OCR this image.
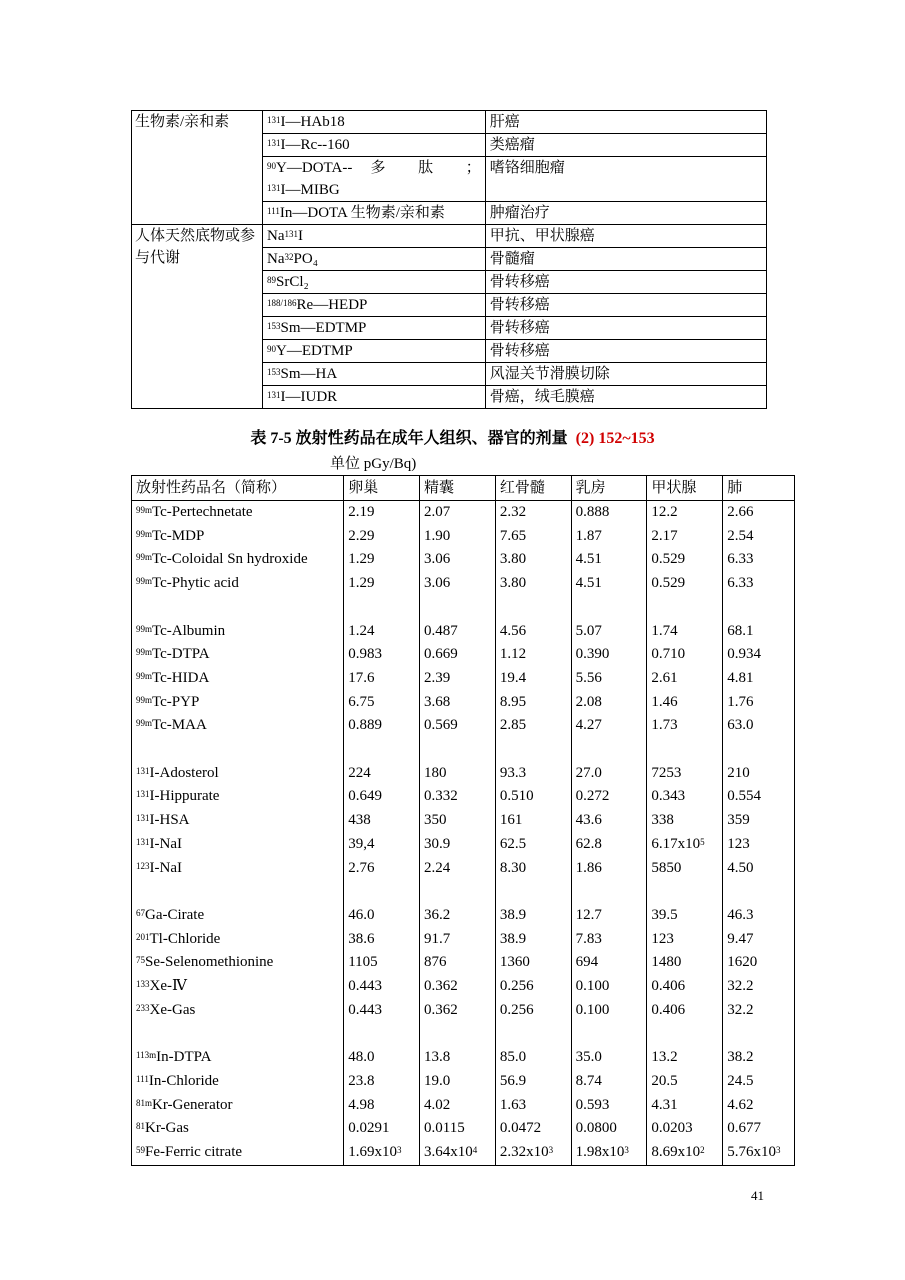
生物素/亲和素	$^{131}$I—HAb18	肝癌

	$^{131}$I—Rc--160	类癌瘤

	$^{90}$Y—DOTA-- 多 肽 ；
$^{131}$I—MIBG	嗜铬细胞瘤

	$^{111}$In—DOTA 生物素/亲和素	肿瘤治疗
人体天然底物或参与代谢	Na$^{131}$I	甲抗、甲状腺癌

	Na$^{32}$PO₄	骨髓瘤

	$^{89}$SrCl₂	骨转移癌

	$^{188/186}$Re—HEDP	骨转移癌

	$^{153}$Sm—EDTMP	骨转移癌

	$^{90}$Y—EDTMP	骨转移癌

	$^{153}$Sm—HA	风湿关节滑膜切除

	$^{131}$I—IUDR	骨癌，绒毛膜癌
表 7-5 放射性药品在成年人组织、器官的剂量 (2) 152~153
单位 pGy/Bq)
放射性药品名（简称）	卵巢	精囊	红骨髓	乳房	甲状腺	肺
$^{99m}$Tc-Pertechnetate	2.19	2.07	2.32	0.888	12.2	2.66
$^{99m}$Tc-MDP	2.29	1.90	7.65	1.87	2.17	2.54
$^{99m}$Tc-Coloidal Sn hydroxide	1.29	3.06	3.80	4.51	0.529	6.33
$^{99m}$Tc-Phytic acid	1.29	3.06	3.80	4.51	0.529	6.33

$^{99m}$Tc-Albumin	1.24	0.487	4.56	5.07	1.74	68.1
$^{99m}$Tc-DTPA	0.983	0.669	1.12	0.390	0.710	0.934
$^{99m}$Tc-HIDA	17.6	2.39	19.4	5.56	2.61	4.81
$^{99m}$Tc-PYP	6.75	3.68	8.95	2.08	1.46	1.76
$^{99m}$Tc-MAA	0.889	0.569	2.85	4.27	1.73	63.0

$^{131}$I-Adosterol	224	180	93.3	27.0	7253	210
$^{131}$I-Hippurate	0.649	0.332	0.510	0.272	0.343	0.554
$^{131}$I-HSA	438	350	161	43.6	338	359
$^{131}$I-NaI	39,4	30.9	62.5	62.8	$6.17x10^5$	123
$^{123}$I-NaI	2.76	2.24	8.30	1.86	5850	4.50

$^{67}$Ga-Cirate	46.0	36.2	38.9	12.7	39.5	46.3
$^{201}$Tl-Chloride	38.6	91.7	38.9	7.83	123	9.47
$^{75}$Se-Selenomethionine	1105	876	1360	694	1480	1620
$^{133}$Xe-Ⅳ	0.443	0.362	0.256	0.100	0.406	32.2
$^{233}$Xe-Gas	0.443	0.362	0.256	0.100	0.406	32.2

$^{113m}$In-DTPA	48.0	13.8	85.0	35.0	13.2	38.2
$^{111}$In-Chloride	23.8	19.0	56.9	8.74	20.5	24.5
$^{81m}$Kr-Generator	4.98	4.02	1.63	0.593	4.31	4.62
$^{81}$Kr-Gas	0.0291	0.0115	0.0472	0.0800	0.0203	0.677
$^{59}$Fe-Ferric citrate	$1.69x10^3$	$3.64x10^4$	$2.32x10^3$	$1.98x10^3$	$8.69x10^2$	$5.76x10^3$
41
